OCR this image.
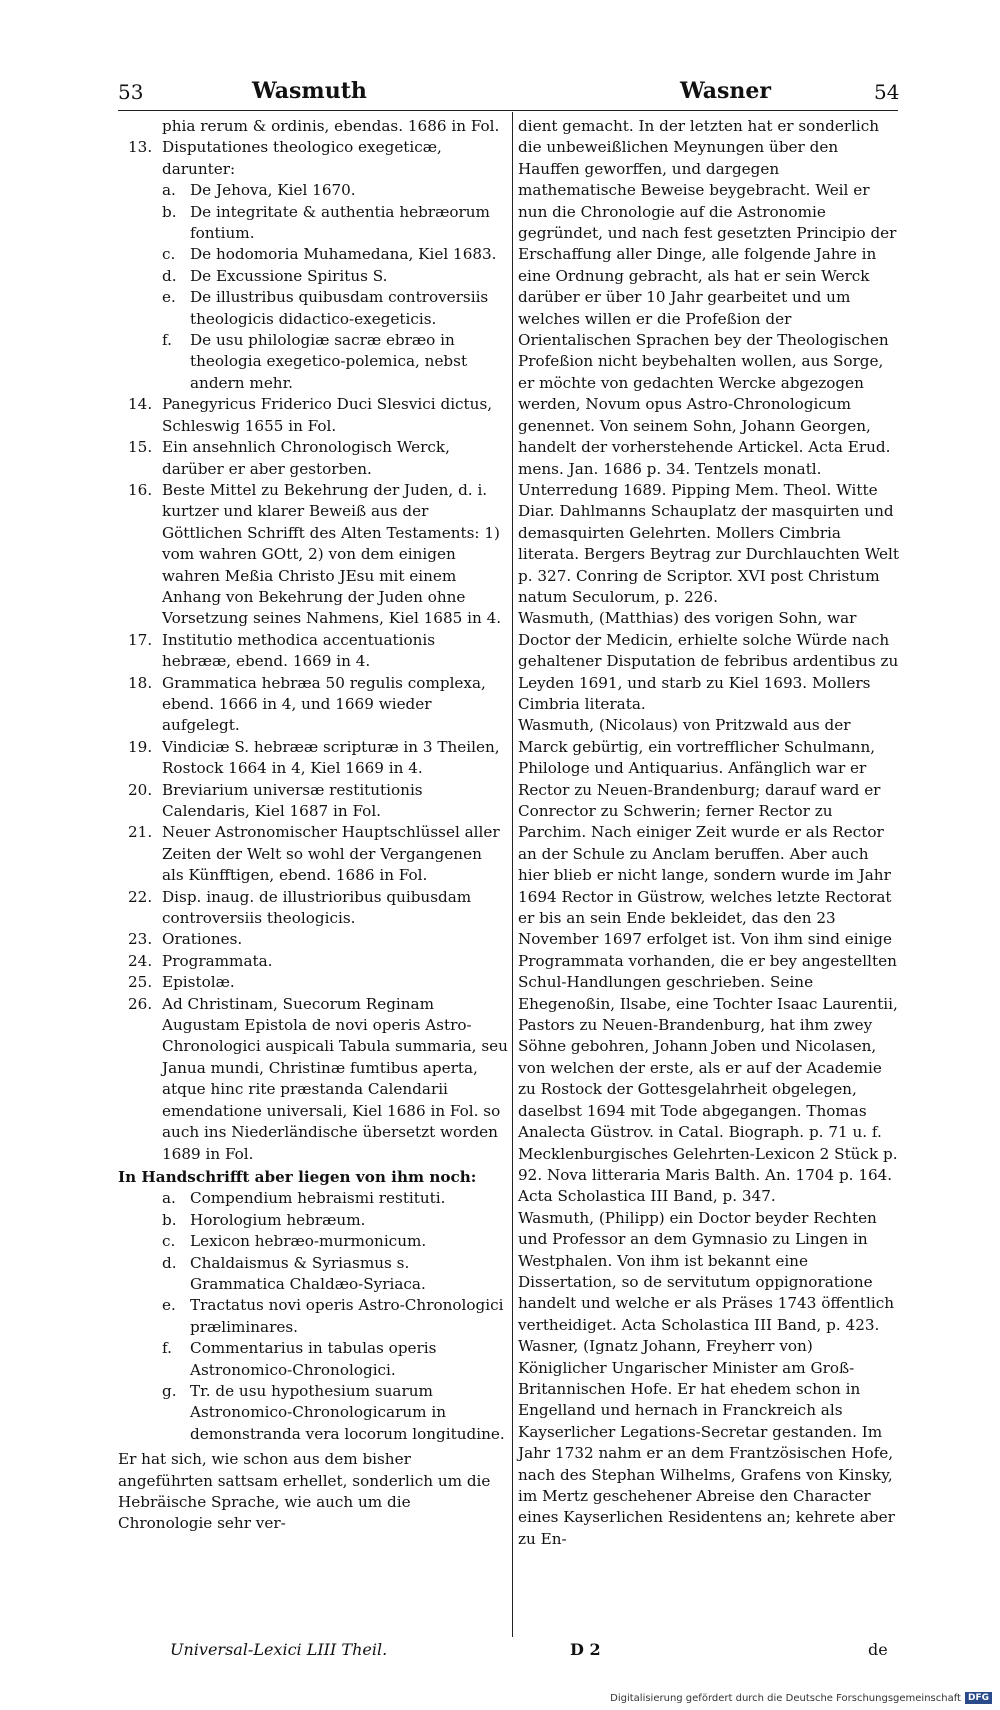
53	Wasmuth	Wasner	54
phia rerum & ordinis, ebendas. 1686 in Fol.
13. Disputationes theologico exegeticæ, darunter:
a. De Jehova, Kiel 1670.
b. De integritate & authentia hebræorum fontium.
c. De hodomoria Muhamedana, Kiel 1683.
d. De Excussione Spiritus S.
e. De illustribus quibusdam controversiis theologicis didactico-exegeticis.
f. De usu philologiæ sacræ ebræo in theologia exegetico-polemica, nebst andern mehr.
14. Panegyricus Friderico Duci Slesvici dictus, Schleswig 1655 in Fol.
15. Ein ansehnlich Chronologisch Werck, darüber er aber gestorben.
16. Beste Mittel zu Bekehrung der Juden, d. i. kurtzer und klarer Beweiß aus der Göttlichen Schrifft des Alten Testaments: 1) vom wahren GOtt, 2) von dem einigen wahren Meßia Christo JEsu mit einem Anhang von Bekehrung der Juden ohne Vorsetzung seines Nahmens, Kiel 1685 in 4.
17. Institutio methodica accentuationis hebrææ, ebend. 1669 in 4.
18. Grammatica hebræa 50 regulis complexa, ebend. 1666 in 4, und 1669 wieder aufgelegt.
19. Vindiciæ S. hebrææ scripturæ in 3 Theilen, Rostock 1664 in 4, Kiel 1669 in 4.
20. Breviarium universæ restitutionis Calendaris, Kiel 1687 in Fol.
21. Neuer Astronomischer Hauptschlüssel aller Zeiten der Welt so wohl der Vergangenen als Künfftigen, ebend. 1686 in Fol.
22. Disp. inaug. de illustrioribus quibusdam controversiis theologicis.
23. Orationes.
24. Programmata.
25. Epistolæ.
26. Ad Christinam, Suecorum Reginam Augustam Epistola de novi operis Astro-Chronologici auspicali Tabula summaria, seu Janua mundi, Christinæ fumtibus aperta, atque hinc rite præstanda Calendarii emendatione universali, Kiel 1686 in Fol. so auch ins Niederländische übersetzt worden 1689 in Fol.
In Handschrifft aber liegen von ihm noch:
a. Compendium hebraismi restituti.
b. Horologium hebræum.
c. Lexicon hebræo-murmonicum.
d. Chaldaismus & Syriasmus s. Grammatica Chaldæo-Syriaca.
e. Tractatus novi operis Astro-Chronologici præliminares.
f. Commentarius in tabulas operis Astronomico-Chronologici.
g. Tr. de usu hypothesium suarum Astronomico-Chronologicarum in demonstranda vera locorum longitudine.
Er hat sich, wie schon aus dem bisher angeführten sattsam erhellet, sonderlich um die Hebräische Sprache, wie auch um die Chronologie sehr ver-
dient gemacht. In der letzten hat er sonderlich die unbeweißlichen Meynungen über den Hauffen geworffen, und dargegen mathematische Beweise beygebracht. Weil er nun die Chronologie auf die Astronomie gegründet, und nach fest gesetzten Principio der Erschaffung aller Dinge, alle folgende Jahre in eine Ordnung gebracht, als hat er sein Werck darüber er über 10 Jahr gearbeitet und um welches willen er die Profeßion der Orientalischen Sprachen bey der Theologischen Profeßion nicht beybehalten wollen, aus Sorge, er möchte von gedachten Wercke abgezogen werden, Novum opus Astro-Chronologicum genennet. Von seinem Sohn, Johann Georgen, handelt der vorherstehende Artickel. Acta Erud. mens. Jan. 1686 p. 34. Tentzels monatl. Unterredung 1689. Pipping Mem. Theol. Witte Diar. Dahlmanns Schauplatz der masquirten und demasquirten Gelehrten. Mollers Cimbria literata. Bergers Beytrag zur Durchlauchten Welt p. 327. Conring de Scriptor. XVI post Christum natum Seculorum, p. 226.
Wasmuth, (Matthias) des vorigen Sohn, war Doctor der Medicin, erhielte solche Würde nach gehaltener Disputation de febribus ardentibus zu Leyden 1691, und starb zu Kiel 1693. Mollers Cimbria literata.
Wasmuth, (Nicolaus) von Pritzwald aus der Marck gebürtig, ein vortrefflicher Schulmann, Philologe und Antiquarius. Anfänglich war er Rector zu Neuen-Brandenburg; darauf ward er Conrector zu Schwerin; ferner Rector zu Parchim. Nach einiger Zeit wurde er als Rector an der Schule zu Anclam beruffen. Aber auch hier blieb er nicht lange, sondern wurde im Jahr 1694 Rector in Güstrow, welches letzte Rectorat er bis an sein Ende bekleidet, das den 23 November 1697 erfolget ist. Von ihm sind einige Programmata vorhanden, die er bey angestellten Schul-Handlungen geschrieben. Seine Ehegenoßin, Ilsabe, eine Tochter Isaac Laurentii, Pastors zu Neuen-Brandenburg, hat ihm zwey Söhne gebohren, Johann Joben und Nicolasen, von welchen der erste, als er auf der Academie zu Rostock der Gottesgelahrheit obgelegen, daselbst 1694 mit Tode abgegangen. Thomas Analecta Güstrov. in Catal. Biograph. p. 71 u. f. Mecklenburgisches Gelehrten-Lexicon 2 Stück p. 92. Nova litteraria Maris Balth. An. 1704 p. 164. Acta Scholastica III Band, p. 347.
Wasmuth, (Philipp) ein Doctor beyder Rechten und Professor an dem Gymnasio zu Lingen in Westphalen. Von ihm ist bekannt eine Dissertation, so de servitutum oppignoratione handelt und welche er als Präses 1743 öffentlich vertheidiget. Acta Scholastica III Band, p. 423.
Wasner, (Ignatz Johann, Freyherr von) Königlicher Ungarischer Minister am Groß-Britannischen Hofe. Er hat ehedem schon in Engelland und hernach in Franckreich als Kayserlicher Legations-Secretar gestanden. Im Jahr 1732 nahm er an dem Frantzösischen Hofe, nach des Stephan Wilhelms, Grafens von Kinsky, im Mertz geschehener Abreise den Character eines Kayserlichen Residentens an; kehrete aber zu En-
Universal-Lexici LIII Theil.	D 2	de
Digitalisierung gefördert durch die Deutsche Forschungsgemeinschaft DFG
